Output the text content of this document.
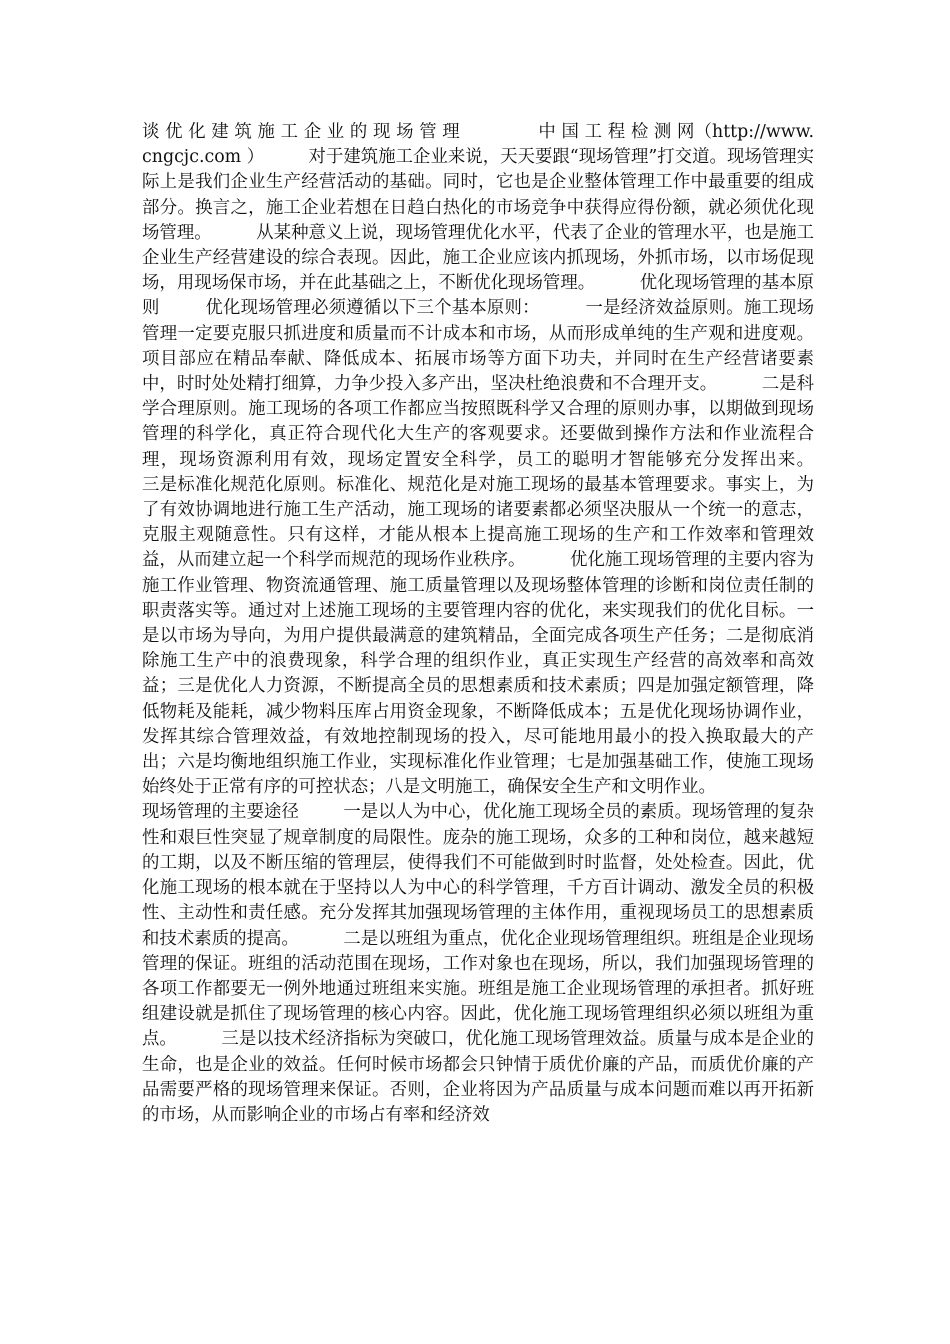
谈 优 化 建 筑 施 工 企 业 的 现 场 管 理              中 国 工 程 检 测 网（http://www.cngcjc.com ）        对于建筑施工企业来说，天天要跟“现场管理”打交道。现场管理实际上是我们企业生产经营活动的基础。同时，它也是企业整体管理工作中最重要的组成部分。换言之，施工企业若想在日趋白热化的市场竞争中获得应得份额，就必须优化现场管理。        从某种意义上说，现场管理优化水平，代表了企业的管理水平，也是施工企业生产经营建设的综合表现。因此，施工企业应该内抓现场，外抓市场，以市场促现场，用现场保市场，并在此基础之上，不断优化现场管理。        优化现场管理的基本原则        优化现场管理必须遵循以下三个基本原则：        一是经济效益原则。施工现场管理一定要克服只抓进度和质量而不计成本和市场，从而形成单纯的生产观和进度观。项目部应在精品奉献、降低成本、拓展市场等方面下功夫，并同时在生产经营诸要素中，时时处处精打细算，力争少投入多产出，坚决杜绝浪费和不合理开支。        二是科学合理原则。施工现场的各项工作都应当按照既科学又合理的原则办事，以期做到现场管理的科学化，真正符合现代化大生产的客观要求。还要做到操作方法和作业流程合理，现场资源利用有效，现场定置安全科学，员工的聪明才智能够充分发挥出来。        三是标准化规范化原则。标准化、规范化是对施工现场的最基本管理要求。事实上，为了有效协调地进行施工生产活动，施工现场的诸要素都必须坚决服从一个统一的意志，克服主观随意性。只有这样，才能从根本上提高施工现场的生产和工作效率和管理效益，从而建立起一个科学而规范的现场作业秩序。        优化施工现场管理的主要内容为施工作业管理、物资流通管理、施工质量管理以及现场整体管理的诊断和岗位责任制的职责落实等。通过对上述施工现场的主要管理内容的优化，来实现我们的优化目标。一是以市场为导向，为用户提供最满意的建筑精品，全面完成各项生产任务；二是彻底消除施工生产中的浪费现象，科学合理的组织作业，真正实现生产经营的高效率和高效益；三是优化人力资源，不断提高全员的思想素质和技术素质；四是加强定额管理，降低物耗及能耗，减少物料压库占用资金现象，不断降低成本；五是优化现场协调作业，发挥其综合管理效益，有效地控制现场的投入，尽可能地用最小的投入换取最大的产出；六是均衡地组织施工作业，实现标准化作业管理；七是加强基础工作，使施工现场始终处于正常有序的可控状态；八是文明施工，确保安全生产和文明作业。
现场管理的主要途径        一是以人为中心，优化施工现场全员的素质。现场管理的复杂性和艰巨性突显了规章制度的局限性。庞杂的施工现场，众多的工种和岗位，越来越短的工期，以及不断压缩的管理层，使得我们不可能做到时时监督，处处检查。因此，优化施工现场的根本就在于坚持以人为中心的科学管理，千方百计调动、激发全员的积极性、主动性和责任感。充分发挥其加强现场管理的主体作用，重视现场员工的思想素质和技术素质的提高。        二是以班组为重点，优化企业现场管理组织。班组是企业现场管理的保证。班组的活动范围在现场，工作对象也在现场，所以，我们加强现场管理的各项工作都要无一例外地通过班组来实施。班组是施工企业现场管理的承担者。抓好班组建设就是抓住了现场管理的核心内容。因此，优化施工现场管理组织必须以班组为重点。        三是以技术经济指标为突破口，优化施工现场管理效益。质量与成本是企业的生命，也是企业的效益。任何时候市场都会只钟情于质优价廉的产品，而质优价廉的产品需要严格的现场管理来保证。否则，企业将因为产品质量与成本问题而难以再开拓新的市场，从而影响企业的市场占有率和经济效
